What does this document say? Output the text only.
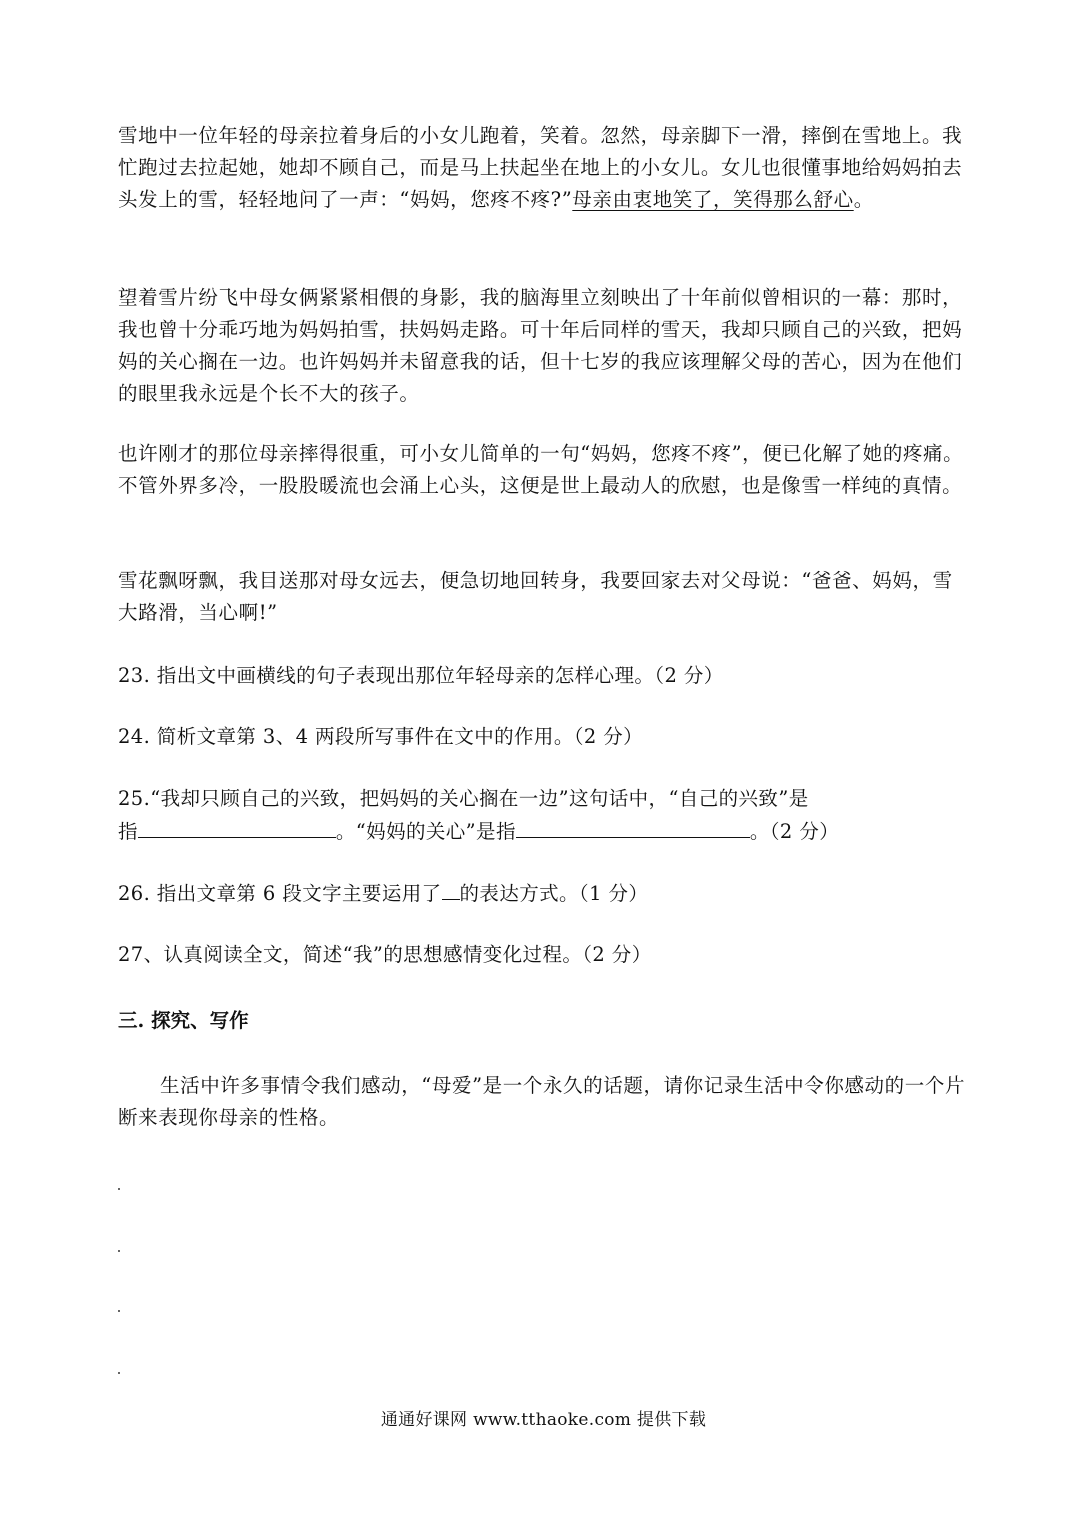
雪地中一位年轻的母亲拉着身后的小女儿跑着，笑着。忽然，母亲脚下一滑，摔倒在雪地上。我忙跑过去拉起她，她却不顾自己，而是马上扶起坐在地上的小女儿。女儿也很懂事地给妈妈拍去头发上的雪，轻轻地问了一声：“妈妈，您疼不疼?”母亲由衷地笑了，笑得那么舒心。

望着雪片纷飞中母女俩紧紧相偎的身影，我的脑海里立刻映出了十年前似曾相识的一幕：那时，我也曾十分乖巧地为妈妈拍雪，扶妈妈走路。可十年后同样的雪天，我却只顾自己的兴致，把妈妈的关心搁在一边。也许妈妈并未留意我的话，但十七岁的我应该理解父母的苦心，因为在他们的眼里我永远是个长不大的孩子。

也许刚才的那位母亲摔得很重，可小女儿简单的一句“妈妈，您疼不疼”，便已化解了她的疼痛。不管外界多冷，一股股暖流也会涌上心头，这便是世上最动人的欣慰，也是像雪一样纯的真情。

雪花飘呀飘，我目送那对母女远去，便急切地回转身，我要回家去对父母说：“爸爸、妈妈，雪大路滑，当心啊!”

23. 指出文中画横线的句子表现出那位年轻母亲的怎样心理。（2 分）

24. 简析文章第 3、4 两段所写事件在文中的作用。（2 分）

25.“我却只顾自己的兴致，把妈妈的关心搁在一边”这句话中，“自己的兴致”是
指	。“妈妈的关心”是指	。（2 分）

26. 指出文章第 6 段文字主要运用了 的表达方式。（1 分）

27、认真阅读全文，简述“我”的思想感情变化过程。（2 分）

三. 探究、写作

生活中许多事情令我们感动，“母爱”是一个永久的话题，请你记录生活中令你感动的一个片断来表现你母亲的性格。

通通好课网 www.tthaoke.com 提供下载
